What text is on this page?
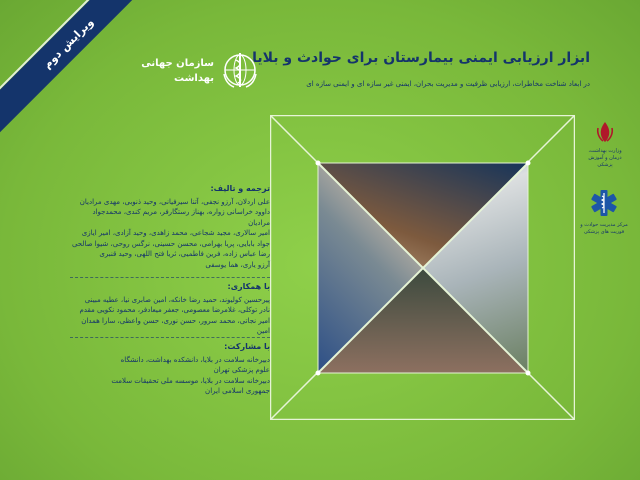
ویرایش دوم	سازمان جهانی
بهداشت
ابزار ارزیابی ایمنی بیمارستان برای حوادث و بلایا
در ابعاد شناخت مخاطرات، ارزیابی ظرفیت و مدیریت بحران، ایمنی غیر سازه ای و ایمنی سازه ای
وزارت بهداشت، درمان و آموزش پزشکی
مرکز مدیریت حوادث و فوریت های پزشکی
ترجمه و تالیف:

علی اردلان، آرزو نجفی، آتنا سیرفیانی، وحید ذنوبی، مهدی مرادیان

داوود خراسانی زواره، بهناز رستگارفر، مریم کندی، محمدجواد مرادیان

امیر سالاری، مجید شجاعی، محمد زاهدی، وحید آزادی، امیر ایازی

جواد بابایی، پریا بهرامی، محسن حسینی، نرگس روحی، شیوا صالحی

رضا عباس زاده، فرین فاطمیی، ثریا فتح اللهی، وحید قنبری

آرزو یاری، هما یوسفی

با همکاری:

پیرحسین کولیوند، حمید رضا خانکه، امین صابری نیا، عطیه مبینی

نادر توکلی، غلامرضا معصومی، جعفر میعادفر، محمود نکویی مقدم

امیر نجاتی، محمد سرور، حسن نوری، حسن واعظی، سارا همدان امین

با مشارکت:

دبیرخانه سلامت در بلایا، دانشکده بهداشت، دانشگاه

علوم پزشکی تهران

دبیرخانه سلامت در بلایا، موسسه ملی تحقیقات سلامت

جمهوری اسلامی ایران
